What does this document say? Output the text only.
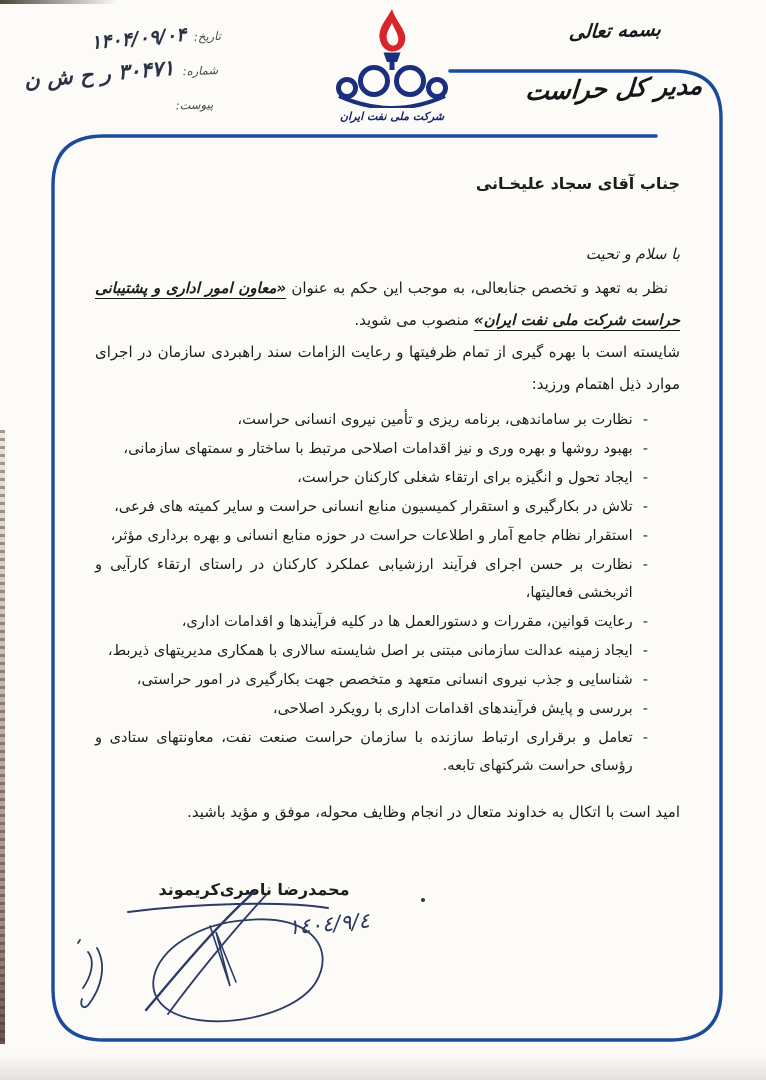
تاریخ:
۱۴۰۴/۰۹/۰۴
شماره:
۳۰۴۷۱ ر ح ش ن
پیوست:
شرکت ملی نفت ایران
بسمه تعالی
مدیر کل حراست
جناب آقای سجاد علیخـانی
با سلام و تحیت

نظر به تعهد و تخصص جنابعالی، به موجب این حکم به عنوان «معاون امور اداری و پشتیبانی حراست شرکت ملی نفت ایران» منصوب می شوید.

شایسته است با بهره گیری از تمام ظرفیتها و رعایت الزامات سند راهبردی سازمان در اجرای موارد ذیل اهتمام ورزید:

-
نظارت بر ساماندهی، برنامه ریزی و تأمین نیروی انسانی حراست،
-
بهبود روشها و بهره وری و نیز اقدامات اصلاحی مرتبط با ساختار و سمتهای سازمانی،
-
ایجاد تحول و انگیزه برای ارتقاء شغلی کارکنان حراست،
-
تلاش در بکارگیری و استقرار کمیسیون منابع انسانی حراست و سایر کمیته های فرعی،
-
استقرار نظام جامع آمار و اطلاعات حراست در حوزه منابع انسانی و بهره برداری مؤثر،
-
نظارت بر حسن اجرای فرآیند ارزشیابی عملکرد کارکنان در راستای ارتقاء کارآیی و اثربخشی فعالیتها،
-
رعایت قوانین، مقررات و دستورالعمل ها در کلیه فرآیندها و اقدامات اداری،
-
ایجاد زمینه عدالت سازمانی مبتنی بر اصل شایسته سالاری با همکاری مدیریتهای ذیربط،
-
شناسایی و جذب نیروی انسانی متعهد و متخصص جهت بکارگیری در امور حراستی،
-
بررسی و پایش فرآیندهای اقدامات اداری با رویکرد اصلاحی،
-
تعامل و برقراری ارتباط سازنده با سازمان حراست صنعت نفت، معاونتهای ستادی و رؤسای حراست شرکتهای تابعه.
امید است با اتکال به خداوند متعال در انجام وظایف محوله، موفق و مؤید باشید.
محمدرضا ناصری‌کریموند
١٤٠٤/٩/٤
